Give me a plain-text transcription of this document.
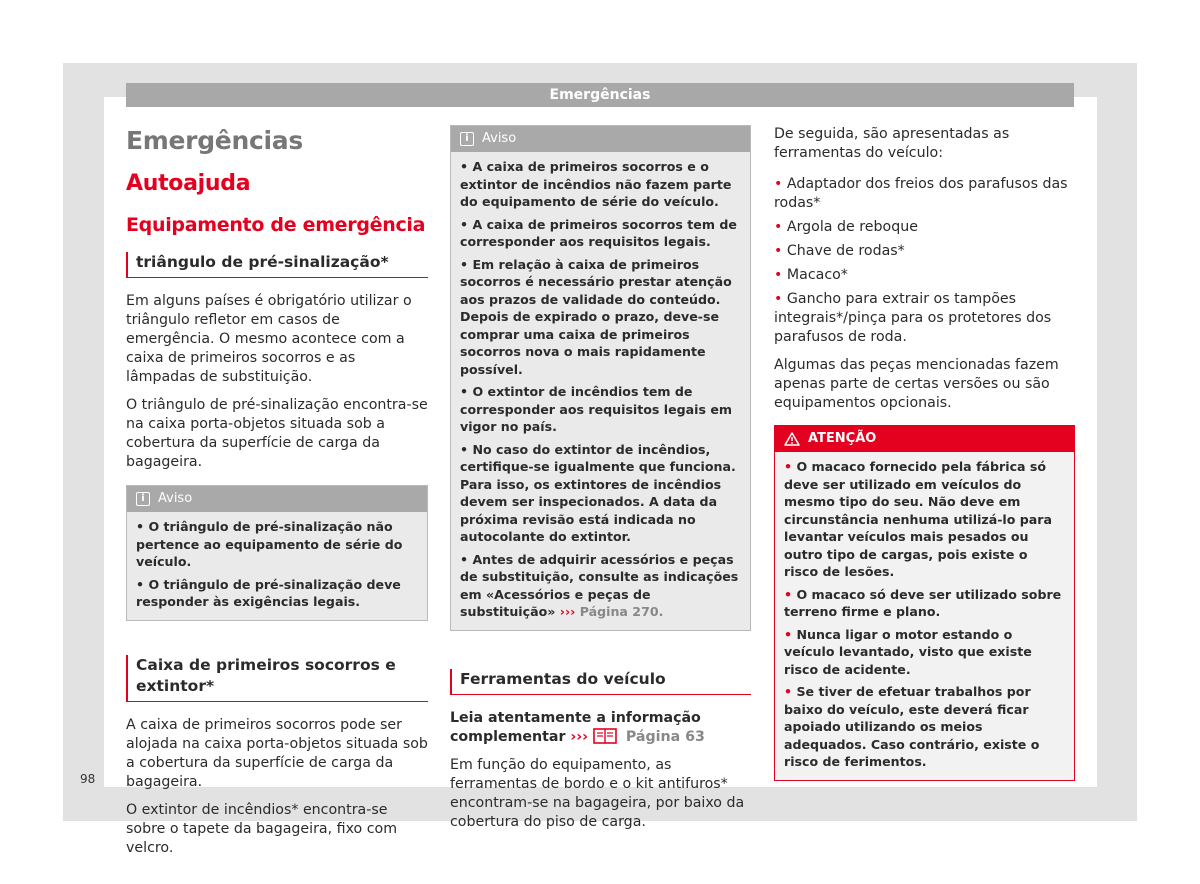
Emergências
98
Emergências
Autoajuda
Equipamento de emergência
triângulo de pré-sinalização*

Em alguns países é obrigatório utilizar o triângulo refletor em casos de emergência. O mesmo acontece com a caixa de primeiros socorros e as lâmpadas de substituição.

O triângulo de pré-sinalização encontra-se na caixa porta-objetos situada sob a cobertura da superfície de carga da bagageira.

i	Aviso
• O triângulo de pré-sinalização não pertence ao equipamento de série do veículo.
• O triângulo de pré-sinalização deve responder às exigências legais.
Caixa de primeiros socorros e extintor*

A caixa de primeiros socorros pode ser alojada na caixa porta-objetos situada sob a cobertura da superfície de carga da bagageira.

O extintor de incêndios* encontra-se sobre o tapete da bagageira, fixo com velcro.

i	Aviso
• A caixa de primeiros socorros e o extintor de incêndios não fazem parte do equipamento de série do veículo.
• A caixa de primeiros socorros tem de corresponder aos requisitos legais.
• Em relação à caixa de primeiros socorros é necessário prestar atenção aos prazos de validade do conteúdo. Depois de expirado o prazo, deve-se comprar uma caixa de primeiros socorros nova o mais rapidamente possível.
• O extintor de incêndios tem de corresponder aos requisitos legais em vigor no país.
• No caso do extintor de incêndios, certifique-se igualmente que funciona. Para isso, os extintores de incêndios devem ser inspecionados. A data da próxima revisão está indicada no autocolante do extintor.
• Antes de adquirir acessórios e peças de substituição, consulte as indicações em «Acessórios e peças de substituição» ››› Página 270.
Ferramentas do veículo

Leia atentamente a informação complementar ›››	Página 63

Em função do equipamento, as ferramentas de bordo e o kit antifuros* encontram-se na bagageira, por baixo da cobertura do piso de carga.

De seguida, são apresentadas as ferramentas do veículo:

• Adaptador dos freios dos parafusos das rodas*
• Argola de reboque
• Chave de rodas*
• Macaco*
• Gancho para extrair os tampões integrais*/pinça para os protetores dos parafusos de roda.

Algumas das peças mencionadas fazem apenas parte de certas versões ou são equipamentos opcionais.

ATENÇÃO
• O macaco fornecido pela fábrica só deve ser utilizado em veículos do mesmo tipo do seu. Não deve em circunstância nenhuma utilizá-lo para levantar veículos mais pesados ou outro tipo de cargas, pois existe o risco de lesões.
• O macaco só deve ser utilizado sobre terreno firme e plano.
• Nunca ligar o motor estando o veículo levantado, visto que existe risco de acidente.
• Se tiver de efetuar trabalhos por baixo do veículo, este deverá ficar apoiado utilizando os meios adequados. Caso contrário, existe o risco de ferimentos.
